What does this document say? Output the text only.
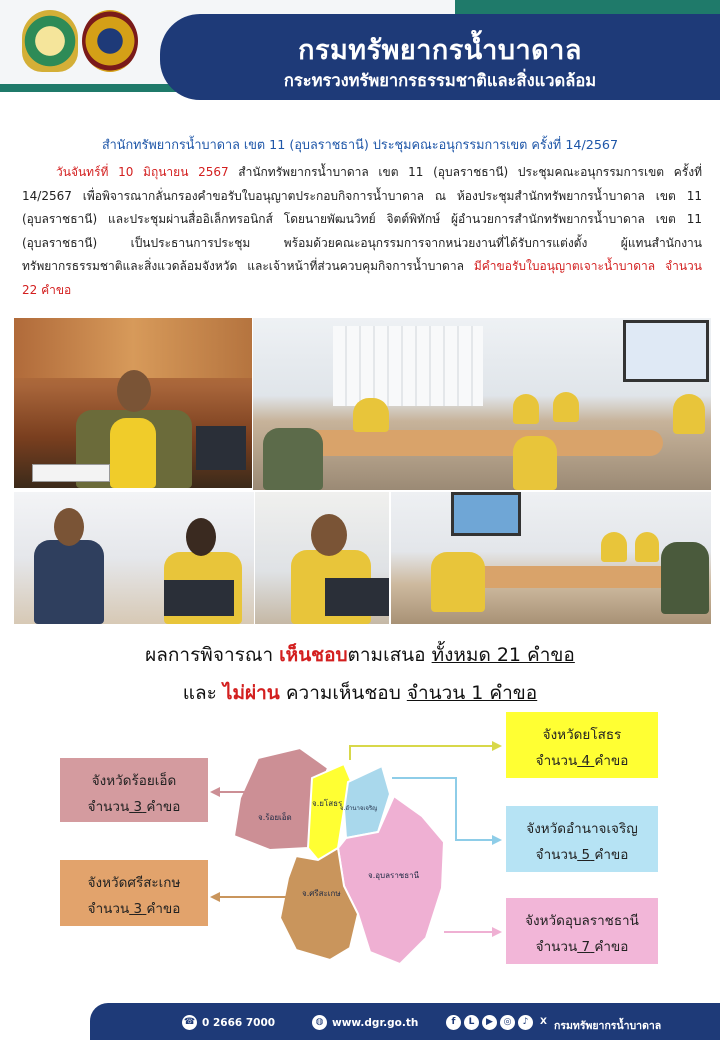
กรมทรัพยากรน้ำบาดาล
กระทรวงทรัพยากรธรรมชาติและสิ่งแวดล้อม
สำนักทรัพยากรน้ำบาดาล เขต 11 (อุบลราชธานี) ประชุมคณะอนุกรรมการเขต ครั้งที่ 14/2567
วันจันทร์ที่ 10 มิถุนายน 2567 สำนักทรัพยากรน้ำบาดาล เขต 11 (อุบลราชธานี) ประชุมคณะอนุกรรมการเขต ครั้งที่ 14/2567 เพื่อพิจารณากลั่นกรองคำขอรับใบอนุญาตประกอบกิจการน้ำบาดาล ณ ห้องประชุมสำนักทรัพยากรน้ำบาดาล เขต 11 (อุบลราชธานี) และประชุมผ่านสื่ออิเล็กทรอนิกส์ โดยนายพัฒนวิทย์ จิตต์พิทักษ์ ผู้อำนวยการสำนักทรัพยากรน้ำบาดาล เขต 11 (อุบลราชธานี) เป็นประธานการประชุม พร้อมด้วยคณะอนุกรรมการจากหน่วยงานที่ได้รับการแต่งตั้ง ผู้แทนสำนักงานทรัพยากรธรรมชาติและสิ่งแวดล้อมจังหวัด และเจ้าหน้าที่ส่วนควบคุมกิจการน้ำบาดาล มีคำขอรับใบอนุญาตเจาะน้ำบาดาล จำนวน 22 คำขอ
ผลการพิจารณา เห็นชอบตามเสนอ ทั้งหมด 21 คำขอ
และ ไม่ผ่าน ความเห็นชอบ จำนวน 1 คำขอ
จ.ร้อยเอ็ด
จ.ศรีสะเกษ
จ.ยโสธร
จ.อำนาจเจริญ
จ.อุบลราชธานี
จังหวัดร้อยเอ็ด
จำนวน 3 คำขอ
จังหวัดศรีสะเกษ
จำนวน 3 คำขอ
จังหวัดยโสธร
จำนวน 4 คำขอ
จังหวัดอำนาจเจริญ
จำนวน 5 คำขอ
จังหวัดอุบลราชธานี
จำนวน 7 คำขอ
☎ 0 2666 7000	◍ www.dgr.go.th	f	L	▶	◎	♪	X กรมทรัพยากรน้ำบาดาล
